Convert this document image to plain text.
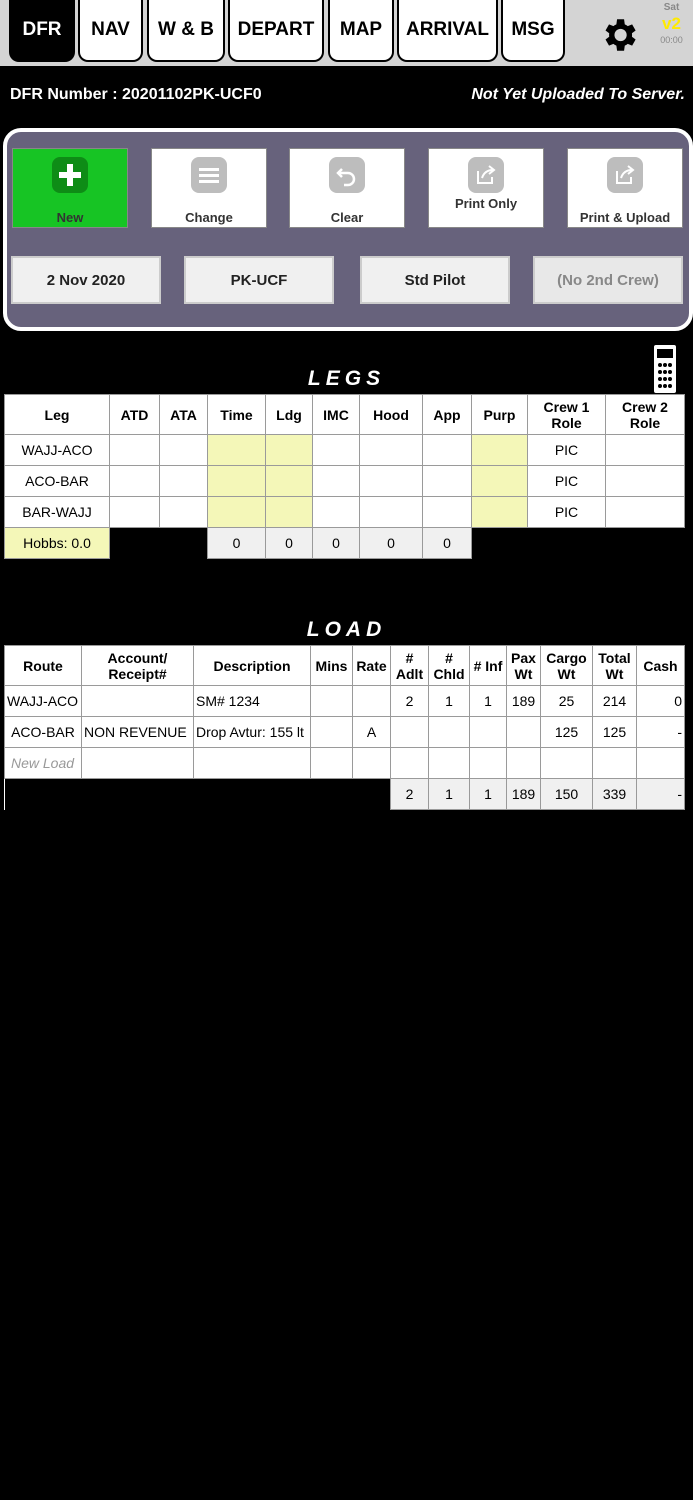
DFR NAV W & B DEPART MAP ARRIVAL MSG
Sat
v2
00:00
DFR Number : 20201102PK-UCF0	Not Yet Uploaded To Server.
New	Change	Clear
Print Only
Print & Upload
2 Nov 2020	PK-UCF	Std Pilot	(No 2nd Crew)
LEGS
Leg	ATD	ATA	Time	Ldg	IMC	Hood	App	Purp	Crew 1 Role	Crew 2 Role
WAJJ-ACO									PIC	
ACO-BAR									PIC	
BAR-WAJJ									PIC	
Hobbs: 0.0			0	0	0	0	0			
LOAD
Route	Account/ Receipt#	Description	Mins	Rate	# Adlt	# Chld	# Inf	Pax Wt	Cargo Wt	Total Wt	Cash
WAJJ-ACO		SM# 1234			2	1	1	189	25	214	0
ACO-BAR	NON REVENUE	Drop Avtur: 155 lt		A					125	125	-
New Load											
					2	1	1	189	150	339	-
